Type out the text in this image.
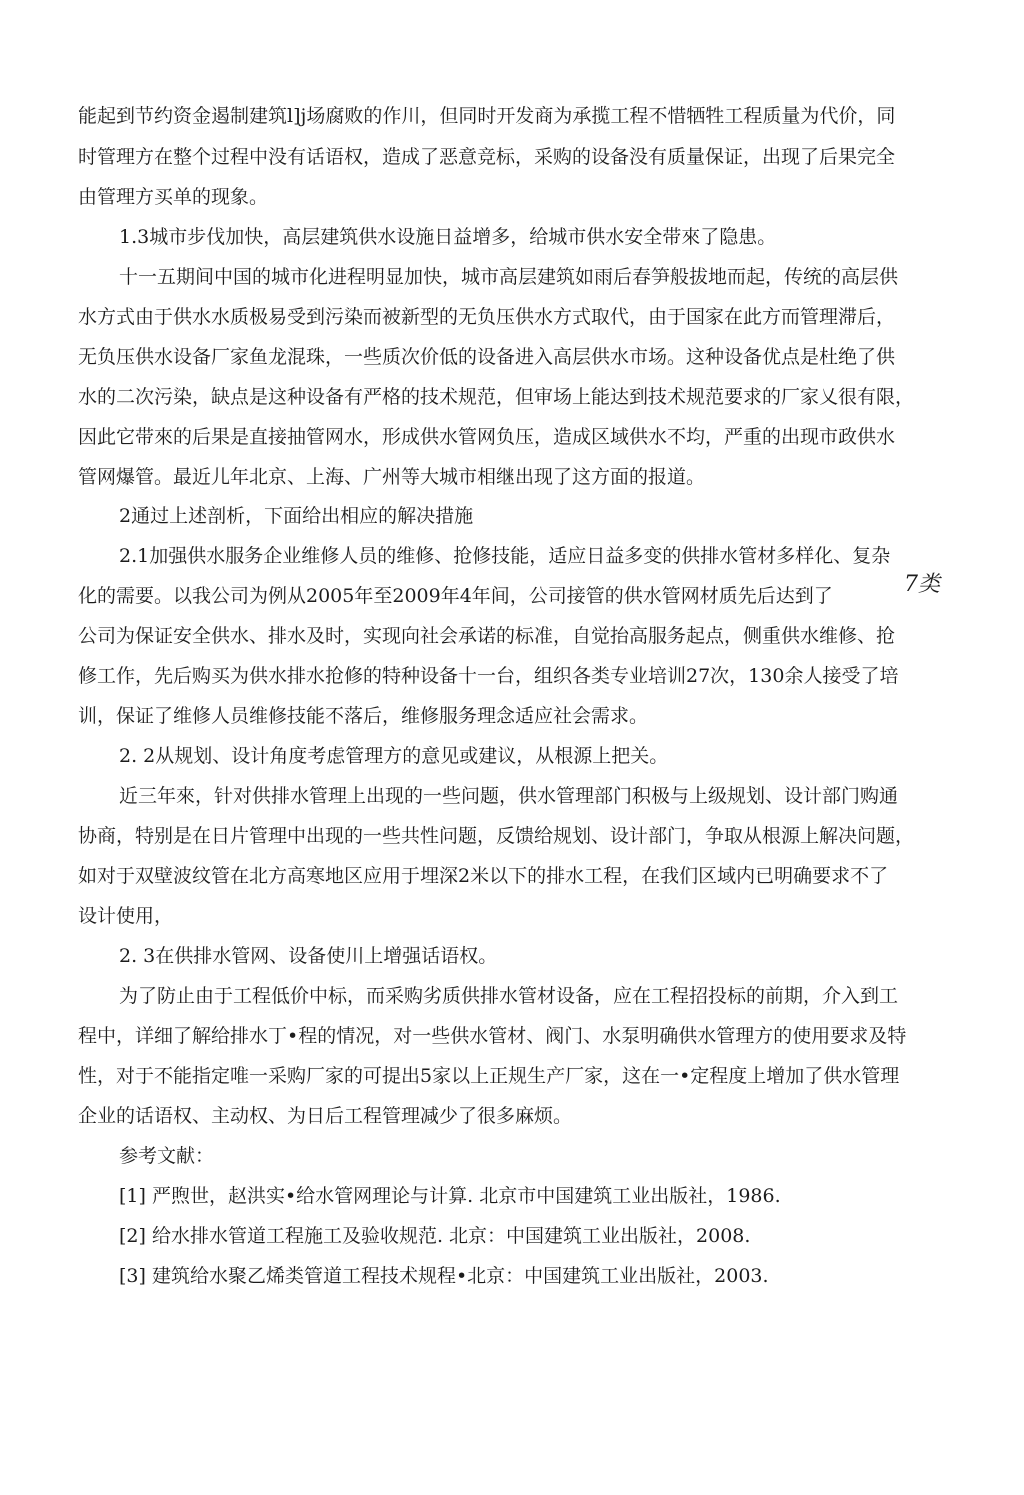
能起到节约资金遏制建筑l]j场腐败的作川，但同时开发商为承揽工程不惜牺牲工程质量为代价，同
时管理方在整个过程中没有话语权，造成了恶意竞标，采购的设备没有质量保证，出现了后果完全
由管理方买单的现象。
1.3城市步伐加快，高层建筑供水设施日益增多，给城市供水安全带來了隐患。
十一五期间中国的城市化进程明显加快，城市高层建筑如雨后春笋般拔地而起，传统的高层供
水方式由于供水水质极易受到污染而被新型的无负压供水方式取代，由于国家在此方而管理滞后，
无负压供水设备厂家鱼龙混珠，一些质次价低的设备进入高层供水市场。这种设备优点是杜绝了供
水的二次污染，缺点是这种设备有严格的技术规范，但审场上能达到技术规范要求的厂家乂很有限，
因此它带來的后果是直接抽管网水，形成供水管网负压，造成区域供水不均，严重的出现市政供水
管网爆管。最近儿年北京、上海、广州等大城市相继出现了这方面的报道。
2通过上述剖析，下面给出相应的解决措施
2.1加强供水服务企业维修人员的维修、抢修技能，适应日益多变的供排水管材多样化、复杂
化的需要。以我公司为例从2005年至2009年4年间，公司接管的供水管网材质先后达到了	7类
公司为保证安全供水、排水及时，实现向社会承诺的标准，自觉抬高服务起点，侧重供水维修、抢
修工作，先后购买为供水排水抢修的特种设备十一台，组织各类专业培训27次，130余人接受了培
训，保证了维修人员维修技能不落后，维修服务理念适应社会需求。
2. 2从规划、设计角度考虑管理方的意见或建议，从根源上把关。
近三年來，针对供排水管理上出现的一些问题，供水管理部门积极与上级规划、设计部门购通
协商，特别是在日片管理中出现的一些共性问题，反馈给规划、设计部门，争取从根源上解决问题，
如对于双壁波纹管在北方高寒地区应用于埋深2米以下的排水工程，在我们区域内已明确要求不了
设计使用，
2. 3在供排水管网、设备使川上增强话语权。
为了防止由于工程低价中标，而采购劣质供排水管材设备，应在工程招投标的前期，介入到工
程中，详细了解给排水丁•程的情况，对一些供水管材、阀门、水泵明确供水管理方的使用要求及特
性，对于不能指定唯一采购厂家的可提出5家以上正规生产厂家，这在一•定程度上增加了供水管理
企业的话语权、主动权、为日后工程管理减少了很多麻烦。
参考文献：
[1] 严煦世，赵洪实•给水管网理论与计算. 北京市中国建筑工业出版社，1986.
[2] 给水排水管道工程施工及验收规范. 北京：中国建筑工业出版社，2008.
[3] 建筑给水聚乙烯类管道工程技术规程•北京：中国建筑工业出版社，2003.
